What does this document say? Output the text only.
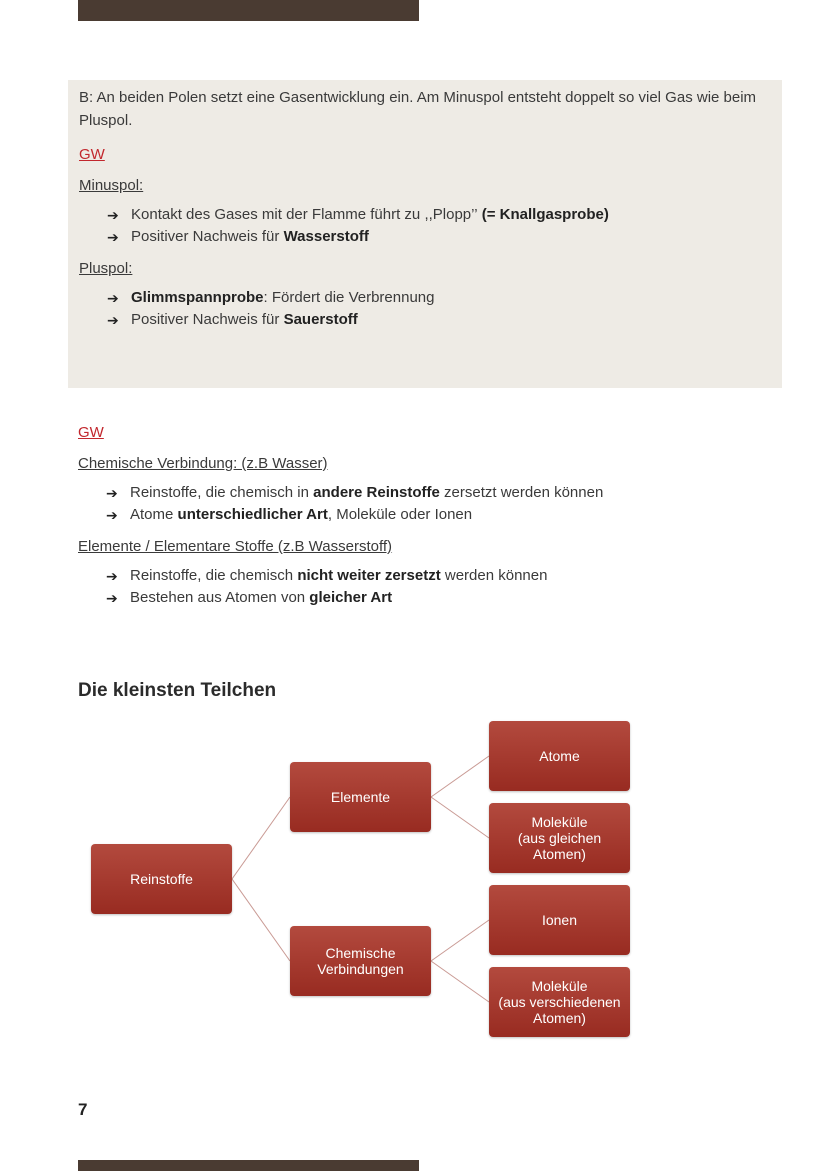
B: An beiden Polen setzt eine Gasentwicklung ein. Am Minuspol entsteht doppelt so viel Gas wie beim Pluspol.
GW
Minuspol:
➔ Kontakt des Gases mit der Flamme führt zu ,,Plopp’’
(= Knallgasprobe)
➔ Positiver Nachweis für
Wasserstoff
Pluspol:
➔ Glimmspannprobe : Fördert die Verbrennung
➔ Positiver Nachweis für
Sauerstoff
GW
Chemische Verbindung: (z.B Wasser)
➔ Reinstoffe, die chemisch in
andere Reinstoffe
zersetzt werden können
➔ Atome
unterschiedlicher Art , Moleküle oder Ionen
Elemente / Elementare Stoffe (z.B Wasserstoff)
➔ Reinstoffe, die chemisch
nicht weiter zersetzt
werden können
➔ Bestehen aus Atomen von
gleicher Art
Die kleinsten Teilchen
Reinstoffe
Elemente
Chemische
Verbindungen
Atome
Moleküle
(aus gleichen
Atomen)
Ionen
Moleküle
(aus verschiedenen
Atomen)
7
